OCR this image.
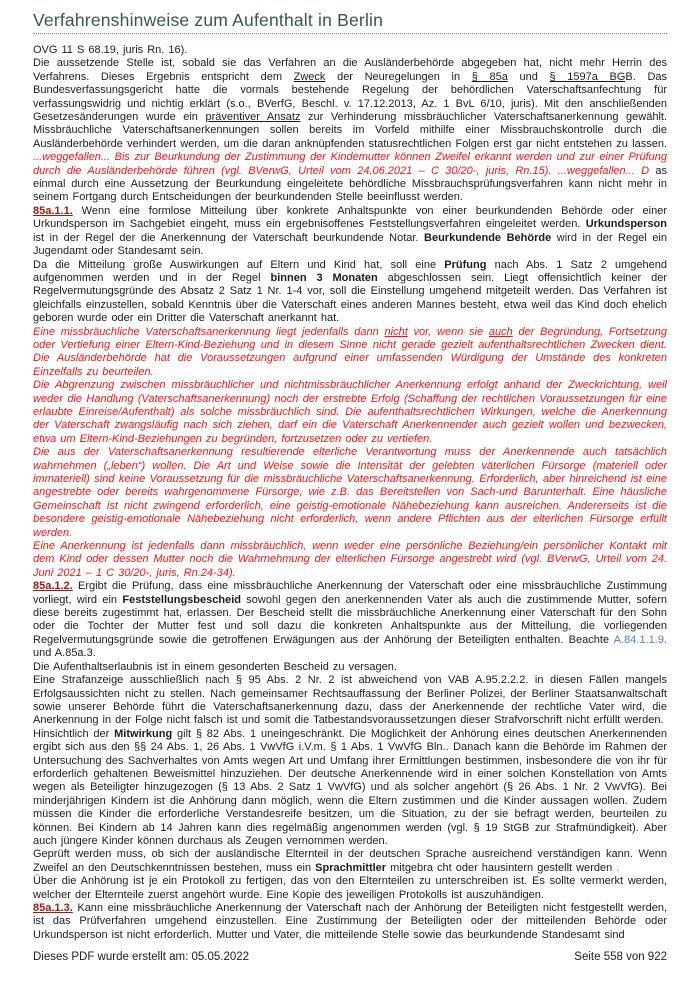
Verfahrenshinweise zum Aufenthalt in Berlin
OVG 11 S 68.19, juris Rn. 16).
Die aussetzende Stelle ist, sobald sie das Verfahren an die Ausländerbehörde abgegeben hat, nicht mehr Herrin des Verfahrens. Dieses Ergebnis entspricht dem Zweck der Neuregelungen in § 85a und § 1597a BGB. Das Bundesverfassungsgericht hatte die vormals bestehende Regelung der behördlichen Vaterschaftsanfechtung für verfassungswidrig und nichtig erklärt (s.o., BVerfG, Beschl. v. 17.12.2013, Az. 1 BvL 6/10, juris). Mit den anschließenden Gesetzesänderungen wurde ein präventiver Ansatz zur Verhinderung missbräuchlicher Vaterschaftsanerkennung gewählt. Missbräuchliche Vaterschaftsanerkennungen sollen bereits im Vorfeld mithilfe einer Missbrauchskontrolle durch die Ausländerbehörde verhindert werden, um die daran anknüpfenden statusrechtlichen Folgen erst gar nicht entstehen zu lassen. ...weggefallen... Bis zur Beurkundung der Zustimmung der Kindemutter können Zweifel erkannt werden und zur einer Prüfung durch die Ausländerbehörde führen (vgl. BVerwG, Urteil vom 24.06.2021 – C 30/20-, juris, Rn.15). ...weggefallen... D as einmal durch eine Aussetzung der Beurkundung eingeleitete behördliche Missbrauchsprüfungsverfahren kann nicht mehr in seinem Fortgang durch Entscheidungen der beurkundenden Stelle beeinflusst werden.
85a.1.1. Wenn eine formlose Mitteilung über konkrete Anhaltspunkte von einer beurkundenden Behörde oder einer Urkundsperson im Sachgebiet eingeht, muss ein ergebnisoffenes Feststellungsverfahren eingeleitet werden. Urkundsperson ist in der Regel der die Anerkennung der Vaterschaft beurkundende Notar. Beurkundende Behörde wird in der Regel ein Jugendamt oder Standesamt sein.
Da die Mitteilung große Auswirkungen auf Eltern und Kind hat, soll eine Prüfung nach Abs. 1 Satz 2 umgehend aufgenommen werden und in der Regel binnen 3 Monaten abgeschlossen sein. Liegt offensichtlich keiner der Regelvermutungsgründe des Absatz 2 Satz 1 Nr. 1-4 vor, soll die Einstellung umgehend mitgeteilt werden. Das Verfahren ist gleichfalls einzustellen, sobald Kenntnis über die Vaterschaft eines anderen Mannes besteht, etwa weil das Kind doch ehelich geboren wurde oder ein Dritter die Vaterschaft anerkannt hat.
Eine missbräuchliche Vaterschaftsanerkennung liegt jedenfalls dann nicht vor, wenn sie auch der Begründung, Fortsetzung oder Vertiefung einer Eltern-Kind-Beziehung und in diesem Sinne nicht gerade gezielt aufenthaltsrechtlichen Zwecken dient. Die Ausländerbehörde hat die Voraussetzungen aufgrund einer umfassenden Würdigung der Umstände des konkreten Einzelfalls zu beurteilen.
Die Abgrenzung zwischen missbräuchlicher und nichtmissbräuchlicher Anerkennung erfolgt anhand der Zweckrichtung, weil weder die Handlung (Vaterschaftsanerkennung) noch der erstrebte Erfolg (Schaffung der rechtlichen Voraussetzungen für eine erlaubte Einreise/Aufenthalt) als solche missbräuchlich sind. Die aufenthaltsrechtlichen Wirkungen, welche die Anerkennung der Vaterschaft zwangsläufig nach sich ziehen, darf ein die Vaterschaft Anerkennender auch gezielt wollen und bezwecken, etwa um Eltern-Kind-Beziehungen zu begründen, fortzusetzen oder zu vertiefen.
Die aus der Vaterschaftsanerkennung resultierende elterliche Verantwortung muss der Anerkennende auch tatsächlich wahrnehmen („leben“) wollen. Die Art und Weise sowie die Intensität der gelebten väterlichen Fürsorge (materiell oder immateriell) sind keine Voraussetzung für die missbräuchliche Vaterschaftsanerkennung. Erforderlich, aber hinreichend ist eine angestrebte oder bereits wahrgenommene Fürsorge, wie z.B. das Bereitstellen von Sach-und Barunterhalt. Eine häusliche Gemeinschaft ist nicht zwingend erforderlich, eine geistig-emotionale Nähebeziehung kann ausreichen. Andererseits ist die besondere geistig-emotionale Nähebeziehung nicht erforderlich, wenn andere Pflichten aus der elterlichen Fürsorge erfüllt werden.
Eine Anerkennung ist jedenfalls dann missbräuchlich, wenn weder eine persönliche Beziehung/ein persönlicher Kontakt mit dem Kind oder dessen Mutter noch die Wahrnehmung der elterlichen Fürsorge angestrebt wird (vgl. BVerwG, Urteil vom 24. Juni 2021 – 1 C 30/20-, juris, Rn.24-34).
85a.1.2. Ergibt die Prüfung, dass eine missbräuchliche Anerkennung der Vaterschaft oder eine missbräuchliche Zustimmung vorliegt, wird ein Feststellungsbescheid sowohl gegen den anerkennenden Vater als auch die zustimmende Mutter, sofern diese bereits zugestimmt hat, erlassen. Der Bescheid stellt die missbräuchliche Anerkennung einer Vaterschaft für den Sohn oder die Tochter der Mutter fest und soll dazu die konkreten Anhaltspunkte aus der Mitteilung, die vorliegenden Regelvermutungsgründe sowie die getroffenen Erwägungen aus der Anhörung der Beteiligten enthalten. Beachte A.84.1.1.9. und A.85a.3.
Die Aufenthaltserlaubnis ist in einem gesonderten Bescheid zu versagen.
Eine Strafanzeige ausschließlich nach § 95 Abs. 2 Nr. 2 ist abweichend von VAB A.95.2.2.2. in diesen Fällen mangels Erfolgsaussichten nicht zu stellen. Nach gemeinsamer Rechtsauffassung der Berliner Polizei, der Berliner Staatsanwaltschaft sowie unserer Behörde führt die Vaterschaftsanerkennung dazu, dass der Anerkennende der rechtliche Vater wird, die Anerkennung in der Folge nicht falsch ist und somit die Tatbestandsvoraussetzungen dieser Strafvorschrift nicht erfüllt werden.
Hinsichtlich der Mitwirkung gilt § 82 Abs. 1 uneingeschränkt. Die Möglichkeit der Anhörung eines deutschen Anerkennenden ergibt sich aus den §§ 24 Abs. 1, 26 Abs. 1 VwVfG i.V.m. § 1 Abs. 1 VwVfG Bln.. Danach kann die Behörde im Rahmen der Untersuchung des Sachverhaltes von Amts wegen Art und Umfang ihrer Ermittlungen bestimmen, insbesondere die von ihr für erforderlich gehaltenen Beweismittel hinzuziehen. Der deutsche Anerkennende wird in einer solchen Konstellation von Amts wegen als Beteiligter hinzugezogen (§ 13 Abs. 2 Satz 1 VwVfG) und als solcher angehört (§ 26 Abs. 1 Nr. 2 VwVfG). Bei minderjährigen Kindern ist die Anhörung dann möglich, wenn die Eltern zustimmen und die Kinder aussagen wollen. Zudem müssen die Kinder die erforderliche Verstandesreife besitzen, um die Situation, zu der sie befragt werden, beurteilen zu können. Bei Kindern ab 14 Jahren kann dies regelmäßig angenommen werden (vgl. § 19 StGB zur Strafmündigkeit). Aber auch jüngere Kinder können durchaus als Zeugen vernommen werden.
Geprüft werden muss, ob sich der ausländische Elternteil in der deutschen Sprache ausreichend verständigen kann. Wenn Zweifel an den Deutschkenntnissen bestehen, muss ein Sprachmittler mitgebra cht oder hausintern gestellt werden .
Über die Anhörung ist je ein Protokoll zu fertigen, das von den Elternteilen zu unterschreiben ist. Es sollte vermerkt werden, welcher der Elternteile zuerst angehört wurde. Eine Kopie des jeweiligen Protokolls ist auszuhändigen.
85a.1.3. Kann eine missbräuchliche Anerkennung der Vaterschaft nach der Anhörung der Beteiligten nicht festgestellt werden, ist das Prüfverfahren umgehend einzustellen. Eine Zustimmung der Beteiligten oder der mitteilenden Behörde oder Urkundsperson ist nicht erforderlich. Mutter und Vater, die mitteilende Stelle sowie das beurkundende Standesamt sind
Dieses PDF wurde erstellt am: 05.05.2022	Seite 558 von 922
